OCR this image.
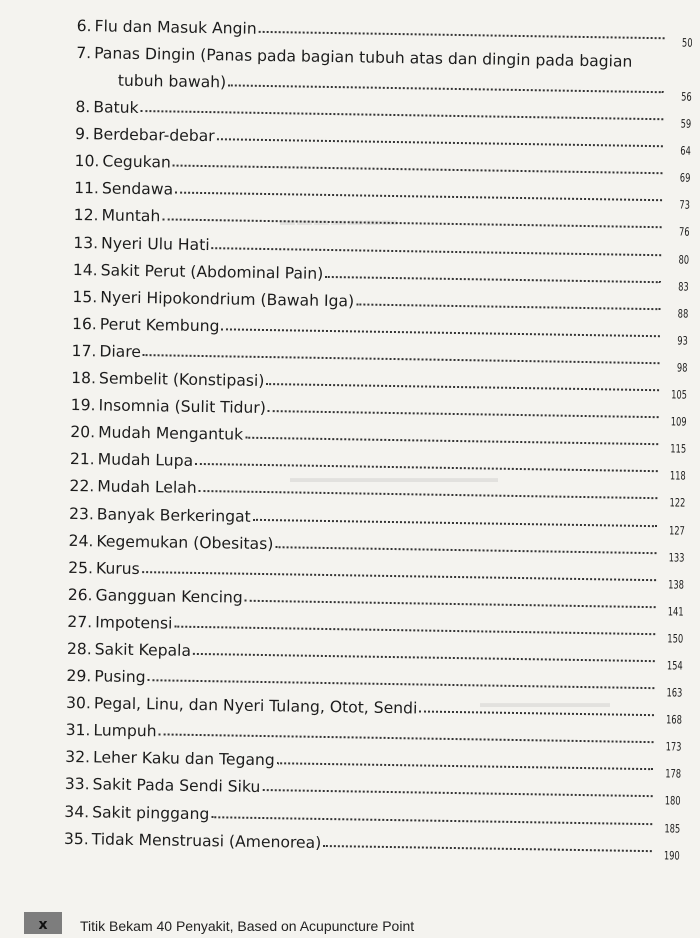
▬▬▬▬▬▬▬
▬▬▬▬▬▬▬▬▬▬▬▬▬▬▬▬
▬▬▬▬▬▬▬▬▬▬
6. Flu dan Masuk Angin
50
7. Panas Dingin (Panas pada bagian tubuh atas dan dingin pada bagian
tubuh bawah)
56
8. Batuk
59
9. Berdebar-debar
64
10. Cegukan
69
11. Sendawa
73
12. Muntah
76
13. Nyeri Ulu Hati
80
14. Sakit Perut (Abdominal Pain)
83
15. Nyeri Hipokondrium (Bawah Iga)
88
16. Perut Kembung
93
17. Diare
98
18. Sembelit (Konstipasi)
105
19. Insomnia (Sulit Tidur)
109
20. Mudah Mengantuk
115
21. Mudah Lupa
118
22. Mudah Lelah
122
23. Banyak Berkeringat
127
24. Kegemukan (Obesitas)
133
25. Kurus
138
26. Gangguan Kencing
141
27. Impotensi
150
28. Sakit Kepala
154
29. Pusing
163
30. Pegal, Linu, dan Nyeri Tulang, Otot, Sendi
168
31. Lumpuh
173
32. Leher Kaku dan Tegang
178
33. Sakit Pada Sendi Siku
180
34. Sakit pinggang
185
35. Tidak Menstruasi (Amenorea)
190
x	Titik Bekam 40 Penyakit, Based on Acupuncture Point
